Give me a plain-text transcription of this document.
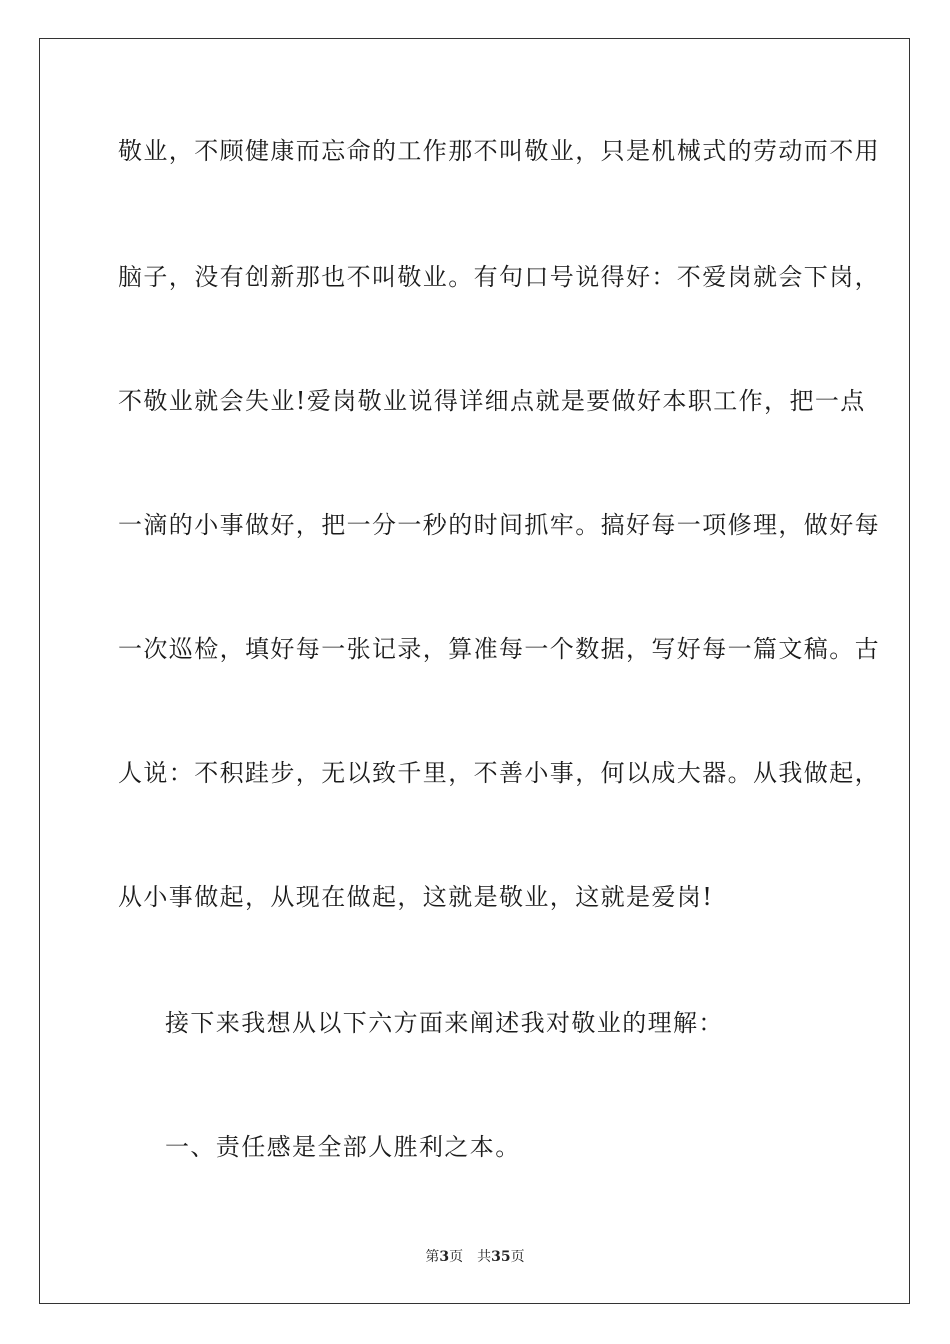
敬业，不顾健康而忘命的工作那不叫敬业，只是机械式的劳动而不用
脑子，没有创新那也不叫敬业。有句口号说得好：不爱岗就会下岗，
不敬业就会失业!爱岗敬业说得详细点就是要做好本职工作，把一点
一滴的小事做好，把一分一秒的时间抓牢。搞好每一项修理，做好每
一次巡检，填好每一张记录，算准每一个数据，写好每一篇文稿。古
人说：不积跬步，无以致千里，不善小事，何以成大器。从我做起，
从小事做起，从现在做起，这就是敬业，这就是爱岗!
接下来我想从以下六方面来阐述我对敬业的理解：
一、责任感是全部人胜利之本。
第3页 共35页
